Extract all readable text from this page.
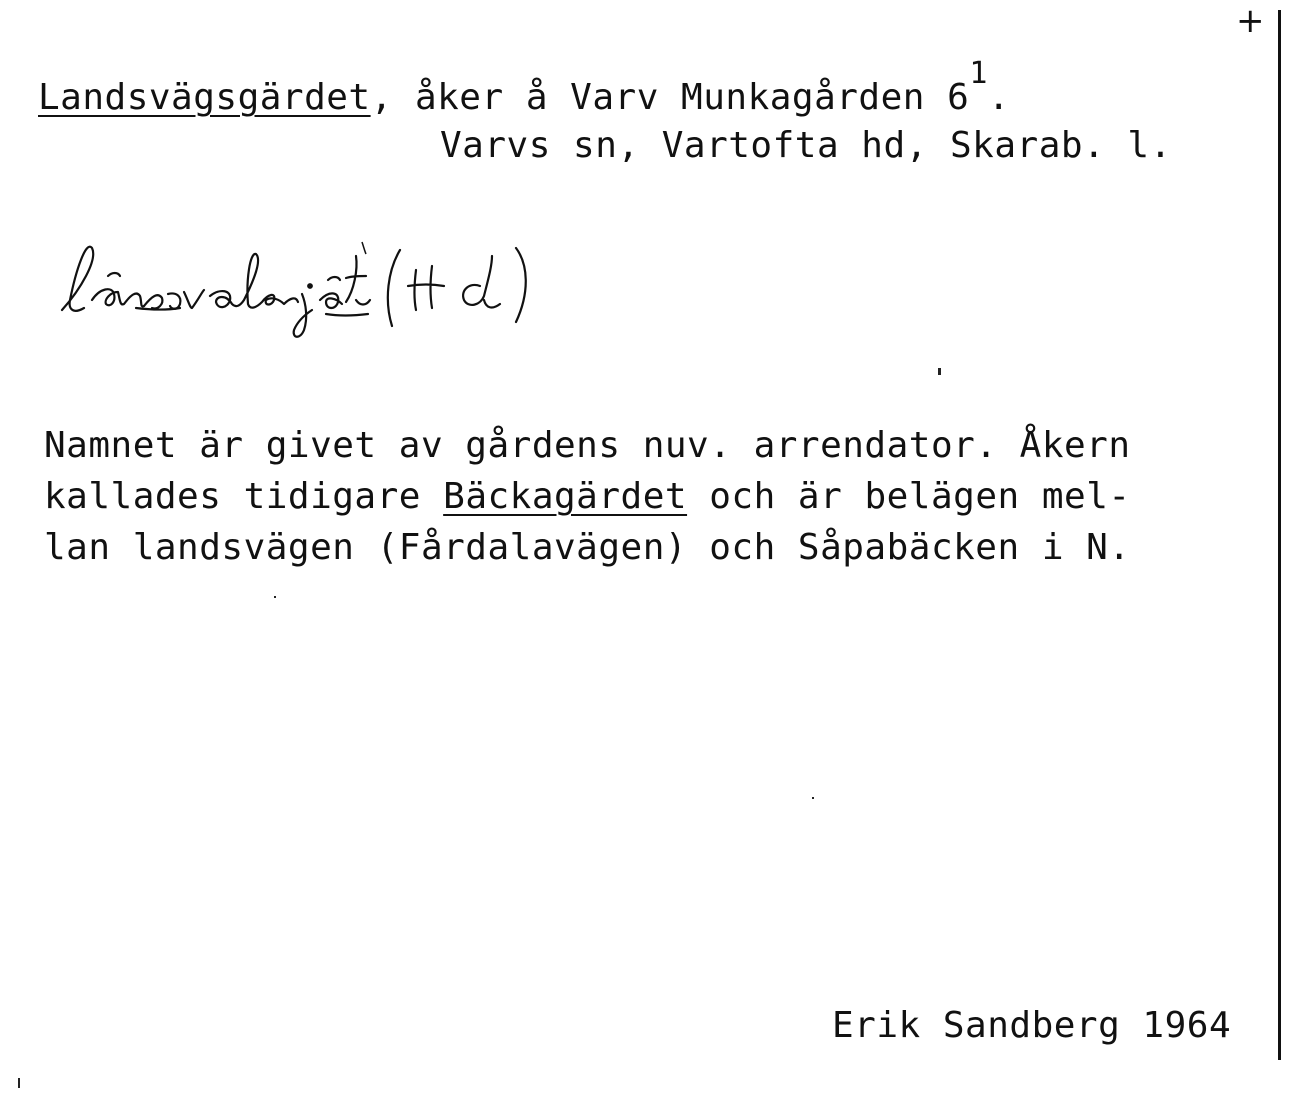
+
Landsvägsgärdet, åker å Varv Munkagården $6^1$.
Varvs sn, Vartofta hd, Skarab. l.
Namnet är givet av gårdens nuv. arrendator. Åkern
kallades tidigare Bäckagärdet och är belägen mel-
lan landsvägen (Fårdalavägen) och Såpabäcken i N.
Erik Sandberg 1964
